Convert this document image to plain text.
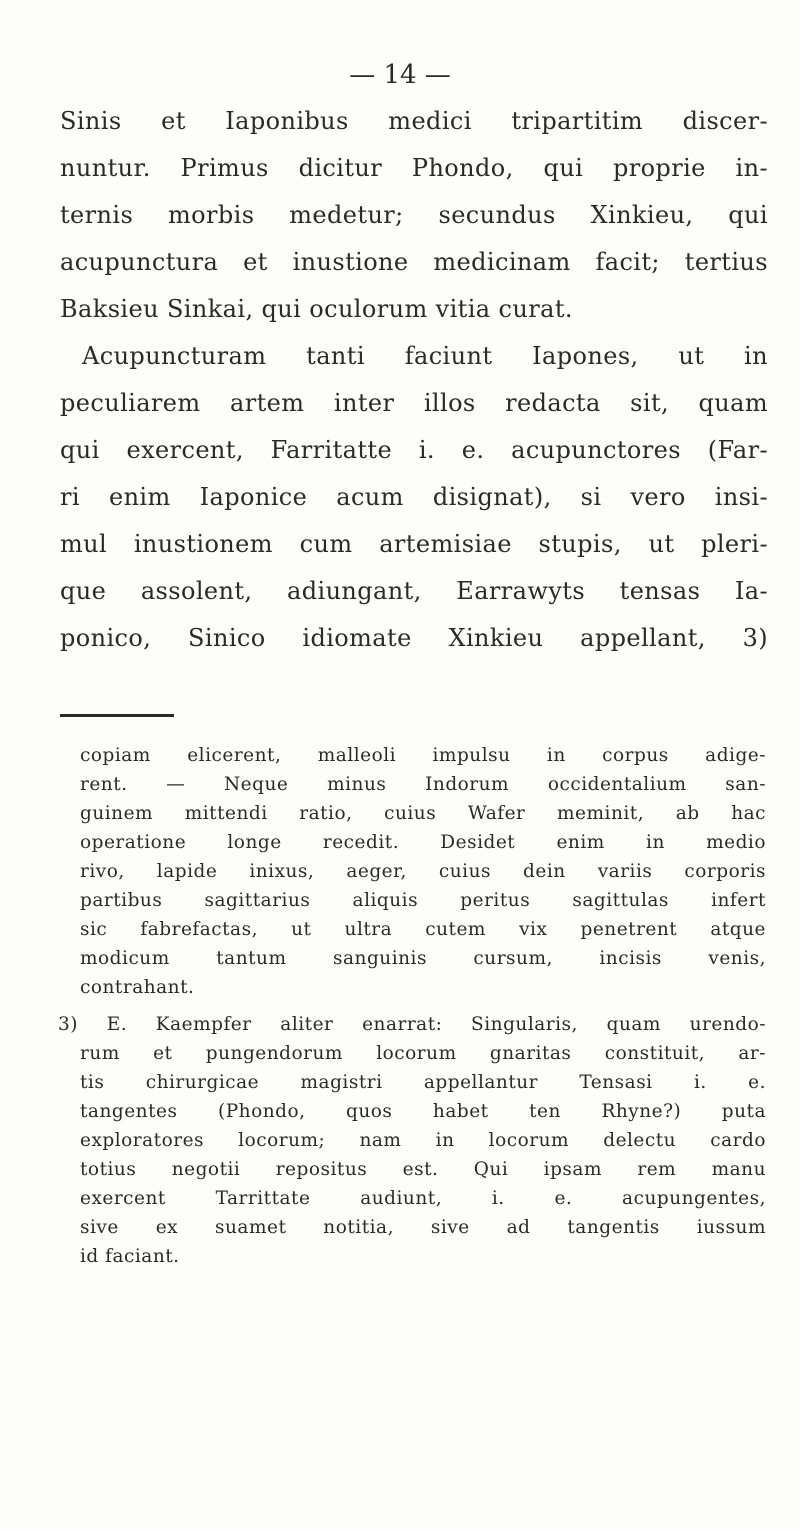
— 14 —
Sinis et Iaponibus medici tripartitim discer-
nuntur. Primus dicitur Phondo, qui proprie in-
ternis morbis medetur; secundus Xinkieu, qui
acupunctura et inustione medicinam facit; tertius
Baksieu Sinkai, qui oculorum vitia curat.
Acupuncturam tanti faciunt Iapones, ut in
peculiarem artem inter illos redacta sit, quam
qui exercent, Farritatte i. e. acupunctores (Far-
ri enim Iaponice acum disignat), si vero insi-
mul inustionem cum artemisiae stupis, ut pleri-
que assolent, adiungant, Earrawyts tensas Ia-
ponico, Sinico idiomate Xinkieu appellant, 3)
copiam elicerent, malleoli impulsu in corpus adige-
rent. — Neque minus Indorum occidentalium san-
guinem mittendi ratio, cuius Wafer meminit, ab hac
operatione longe recedit. Desidet enim in medio
rivo, lapide inixus, aeger, cuius dein variis corporis
partibus sagittarius aliquis peritus sagittulas infert
sic fabrefactas, ut ultra cutem vix penetrent atque
modicum tantum sanguinis cursum, incisis venis,
contrahant.
3) E. Kaempfer aliter enarrat: Singularis, quam urendo-
rum et pungendorum locorum gnaritas constituit, ar-
tis chirurgicae magistri appellantur Tensasi i. e.
tangentes (Phondo, quos habet ten Rhyne?) puta
exploratores locorum; nam in locorum delectu cardo
totius negotii repositus est. Qui ipsam rem manu
exercent Tarrittate audiunt, i. e. acupungentes,
sive ex suamet notitia, sive ad tangentis iussum
id faciant.
